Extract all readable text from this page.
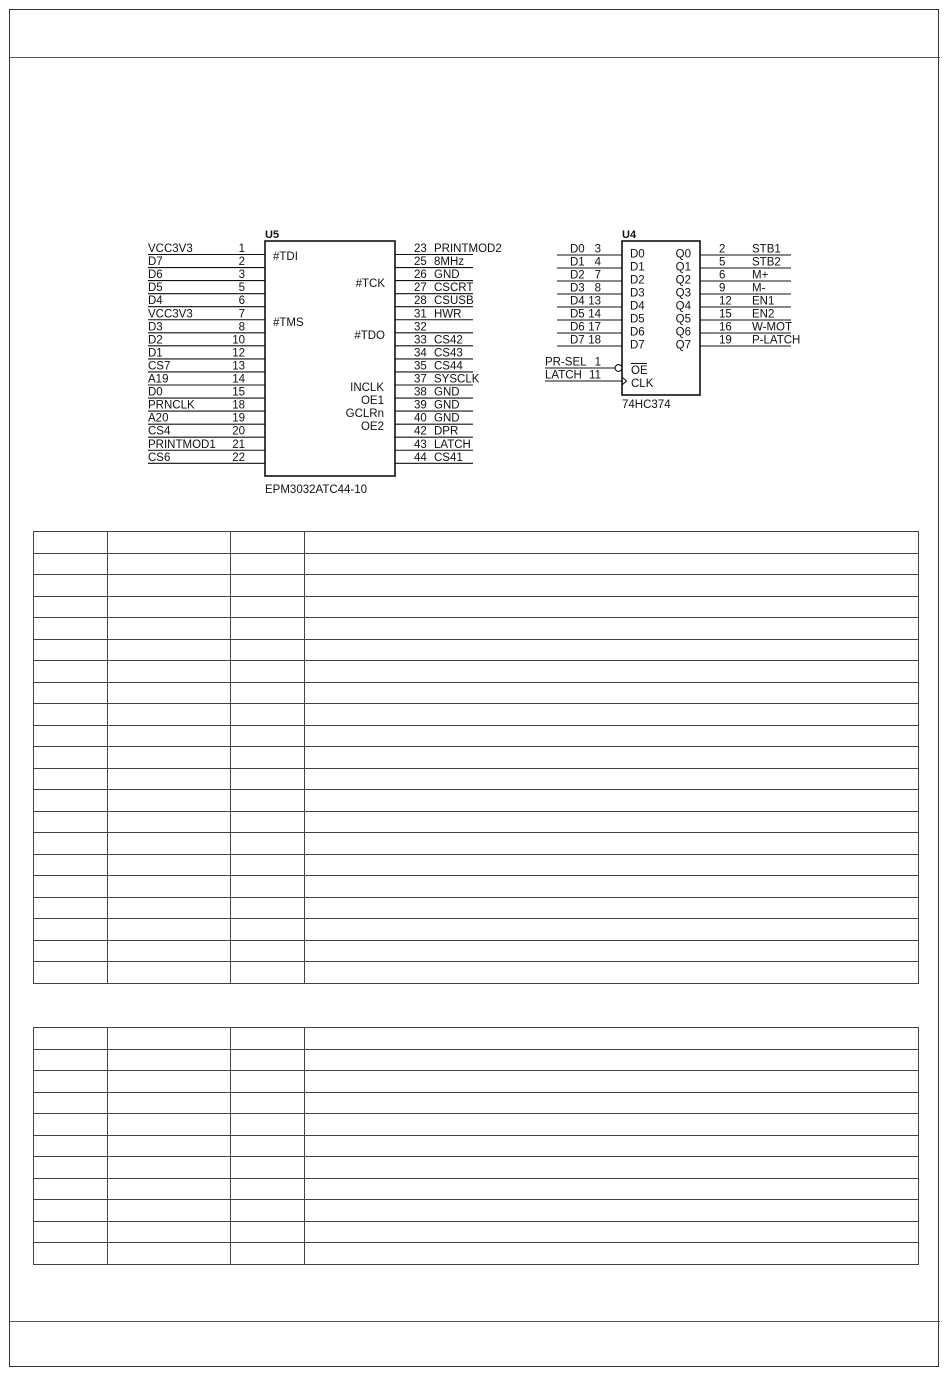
U5
EPM3032ATC44-10
VCC3V3	1
D7	2
D6	3
D5	5
D4	6
VCC3V3	7
D3	8
D2	10
D1	12
CS7	13
A19	14
D0	15
PRNCLK	18
A20	19
CS4	20
PRINTMOD1 21
CS6	22
23 PRINTMOD2
25 8MHz
26 GND
27 CSCRT
28 CSUSB
31 HWR
32
33 CS42
34 CS43
35 CS44
37 SYSCLK
38 GND
39 GND
40 GND
42 DPR
43 LATCH
44 CS41
#TDI
#TMS
#TCK
#TDO
INCLK
OE1
GCLRn
OE2
U4
74HC374
D0 3	D0
D1 4	D1
D2 7	D2
D3 8	D3
D4 13	D4
D5 14	D5
D6 17	D6
D7 18	D7
Q0 2 STB1
Q1 5 STB2
Q2 6 M+
Q3 9 M-
Q4 12 EN1
Q5 15 EN2
Q6 16 W-MOT
Q7 19 P-LATCH
PR-SEL 1
OE
LATCH 11
CLK
